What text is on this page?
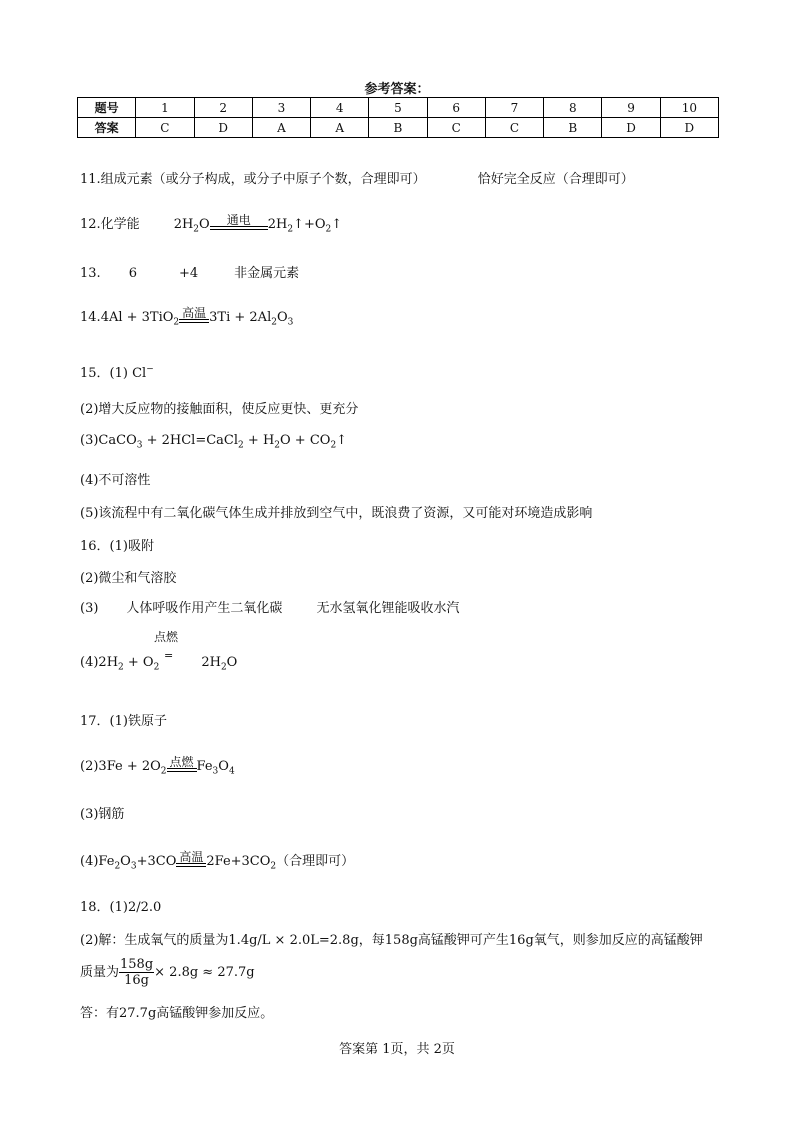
参考答案：
题号	1	2	3	4	5	6	7	8	9	10
答案	C	D	A	A	B	C	C	B	D	D
11.组成元素（或分子构成，或分子中原子个数，合理即可）	恰好完全反应（合理即可）
12.化学能	$2H_2O$	通电	$2H_2↑+O_2↑$
13. 6	+4	非金属元素
14.4Al + 3TiO$_2$
高温 $3Ti + 2Al_2O_3$
15．(1) Cl−
(2)增大反应物的接触面积，使反应更快、更充分
(3)CaCO$_3$ + 2HCl=CaCl$_2$ + $H_2O$ + $CO_2↑$
(4)不可溶性
(5)该流程中有二氧化碳气体生成并排放到空气中，既浪费了资源，又可能对环境造成影响
16．(1)吸附
(2)微尘和气溶胶
(3) 人体呼吸作用产生二氧化碳	无水氢氧化锂能吸收水汽
点燃
=
$(4)2H_2 + O_2$	$2H_2O$
17．(1)铁原子
$(2)3Fe + 2O_2$
点燃 $Fe_3O_4$
(3)钢筋
$(4)Fe_2O_3+3CO$ 高温 $2Fe+3CO_2$（合理即可）
18．(1)2/2.0
(2)解：生成氧气的质量为1.4g/L × 2.0L=2.8g，每158g高锰酸钾可产生16g氧气，则参加反应的高锰酸钾
质量为 $\frac{158g}{16g} \times 2.8g \approx 27.7g$
答：有27.7g高锰酸钾参加反应。
答案第 1页，共 2页
